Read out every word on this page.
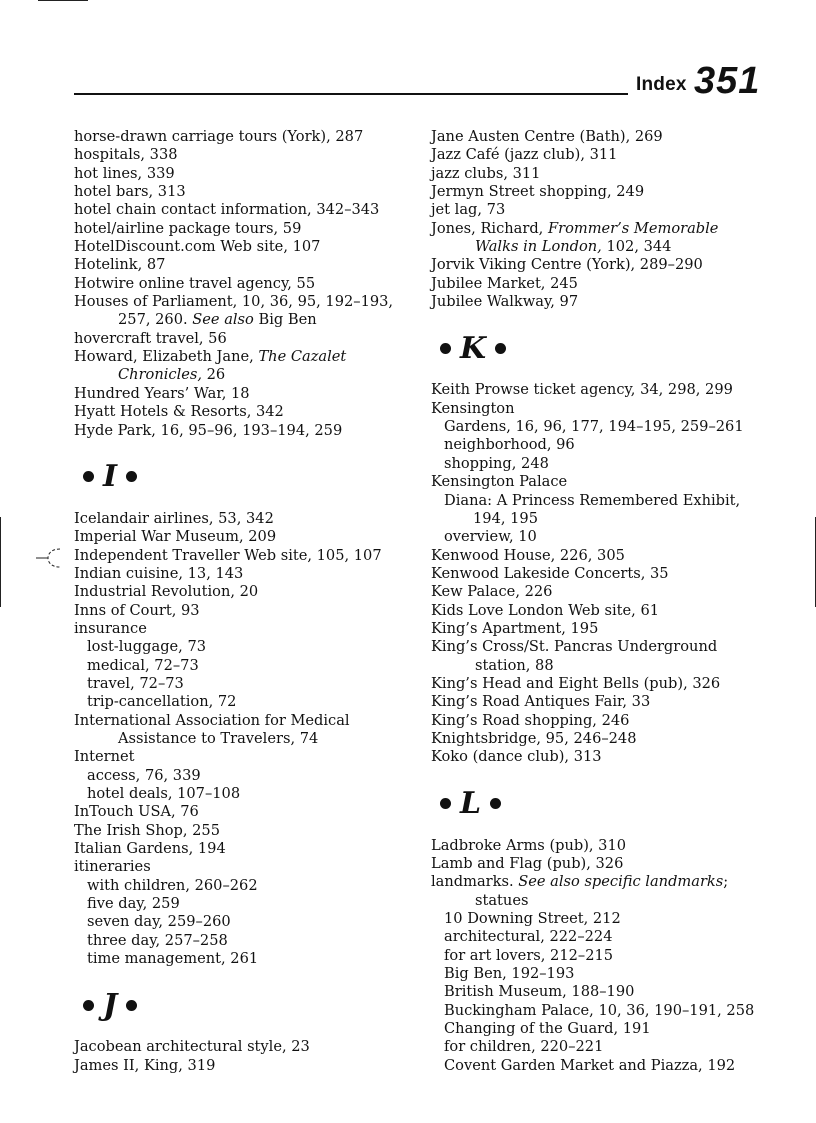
Index 351
horse-drawn carriage tours (York), 287
hospitals, 338
hot lines, 339
hotel bars, 313
hotel chain contact information, 342–343
hotel/airline package tours, 59
HotelDiscount.com Web site, 107
Hotelink, 87
Hotwire online travel agency, 55
Houses of Parliament, 10, 36, 95, 192–193,
257, 260. See also Big Ben
hovercraft travel, 56
Howard, Elizabeth Jane, The Cazalet
Chronicles, 26
Hundred Years’ War, 18
Hyatt Hotels & Resorts, 342
Hyde Park, 16, 95–96, 193–194, 259
I
Icelandair airlines, 53, 342
Imperial War Museum, 209
Independent Traveller Web site, 105, 107
Indian cuisine, 13, 143
Industrial Revolution, 20
Inns of Court, 93
insurance
lost-luggage, 73
medical, 72–73
travel, 72–73
trip-cancellation, 72
International Association for Medical
Assistance to Travelers, 74
Internet
access, 76, 339
hotel deals, 107–108
InTouch USA, 76
The Irish Shop, 255
Italian Gardens, 194
itineraries
with children, 260–262
five day, 259
seven day, 259–260
three day, 257–258
time management, 261
J
Jacobean architectural style, 23
James II, King, 319
Jane Austen Centre (Bath), 269
Jazz Café (jazz club), 311
jazz clubs, 311
Jermyn Street shopping, 249
jet lag, 73
Jones, Richard, Frommer’s Memorable
Walks in London, 102, 344
Jorvik Viking Centre (York), 289–290
Jubilee Market, 245
Jubilee Walkway, 97
K
Keith Prowse ticket agency, 34, 298, 299
Kensington
Gardens, 16, 96, 177, 194–195, 259–261
neighborhood, 96
shopping, 248
Kensington Palace
Diana: A Princess Remembered Exhibit,
194, 195
overview, 10
Kenwood House, 226, 305
Kenwood Lakeside Concerts, 35
Kew Palace, 226
Kids Love London Web site, 61
King’s Apartment, 195
King’s Cross/St. Pancras Underground
station, 88
King’s Head and Eight Bells (pub), 326
King’s Road Antiques Fair, 33
King’s Road shopping, 246
Knightsbridge, 95, 246–248
Koko (dance club), 313
L
Ladbroke Arms (pub), 310
Lamb and Flag (pub), 326
landmarks. See also specific landmarks;
statues
10 Downing Street, 212
architectural, 222–224
for art lovers, 212–215
Big Ben, 192–193
British Museum, 188–190
Buckingham Palace, 10, 36, 190–191, 258
Changing of the Guard, 191
for children, 220–221
Covent Garden Market and Piazza, 192
